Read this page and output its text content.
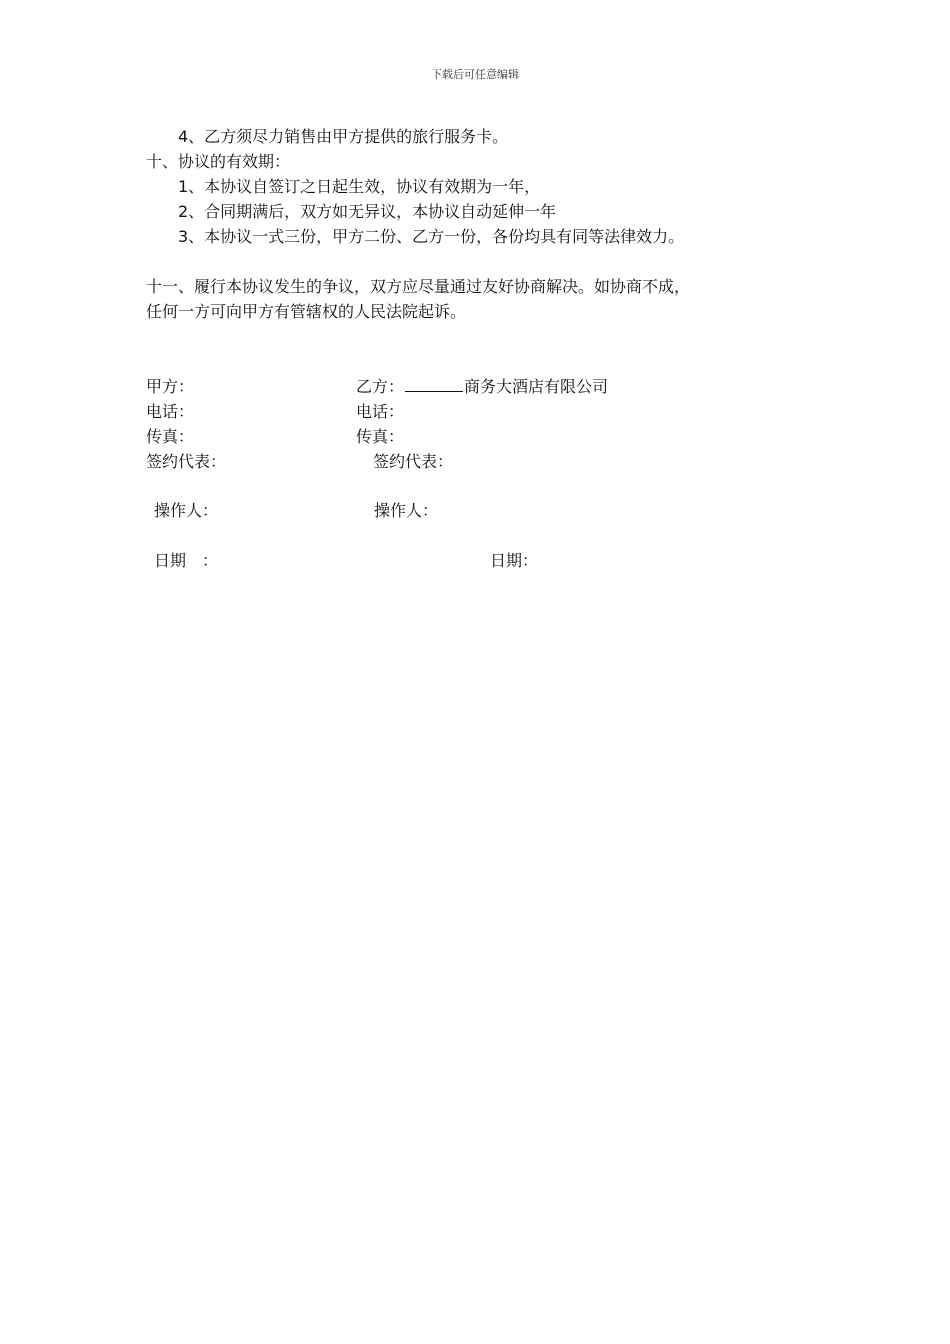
下载后可任意编辑
4、乙方须尽力销售由甲方提供的旅行服务卡。
十、协议的有效期：
1、本协议自签订之日起生效，协议有效期为一年，
2、合同期满后，双方如无异议，本协议自动延伸一年
3、本协议一式三份，甲方二份、乙方一份，各份均具有同等法律效力。
十一、履行本协议发生的争议，双方应尽量通过友好协商解决。如协商不成，
任何一方可向甲方有管辖权的人民法院起诉。
甲方：
电话：
传真：
签约代表：
操作人：
日期　：
乙方：	商务大酒店有限公司
电话：
传真：
签约代表：
操作人：
日期：
